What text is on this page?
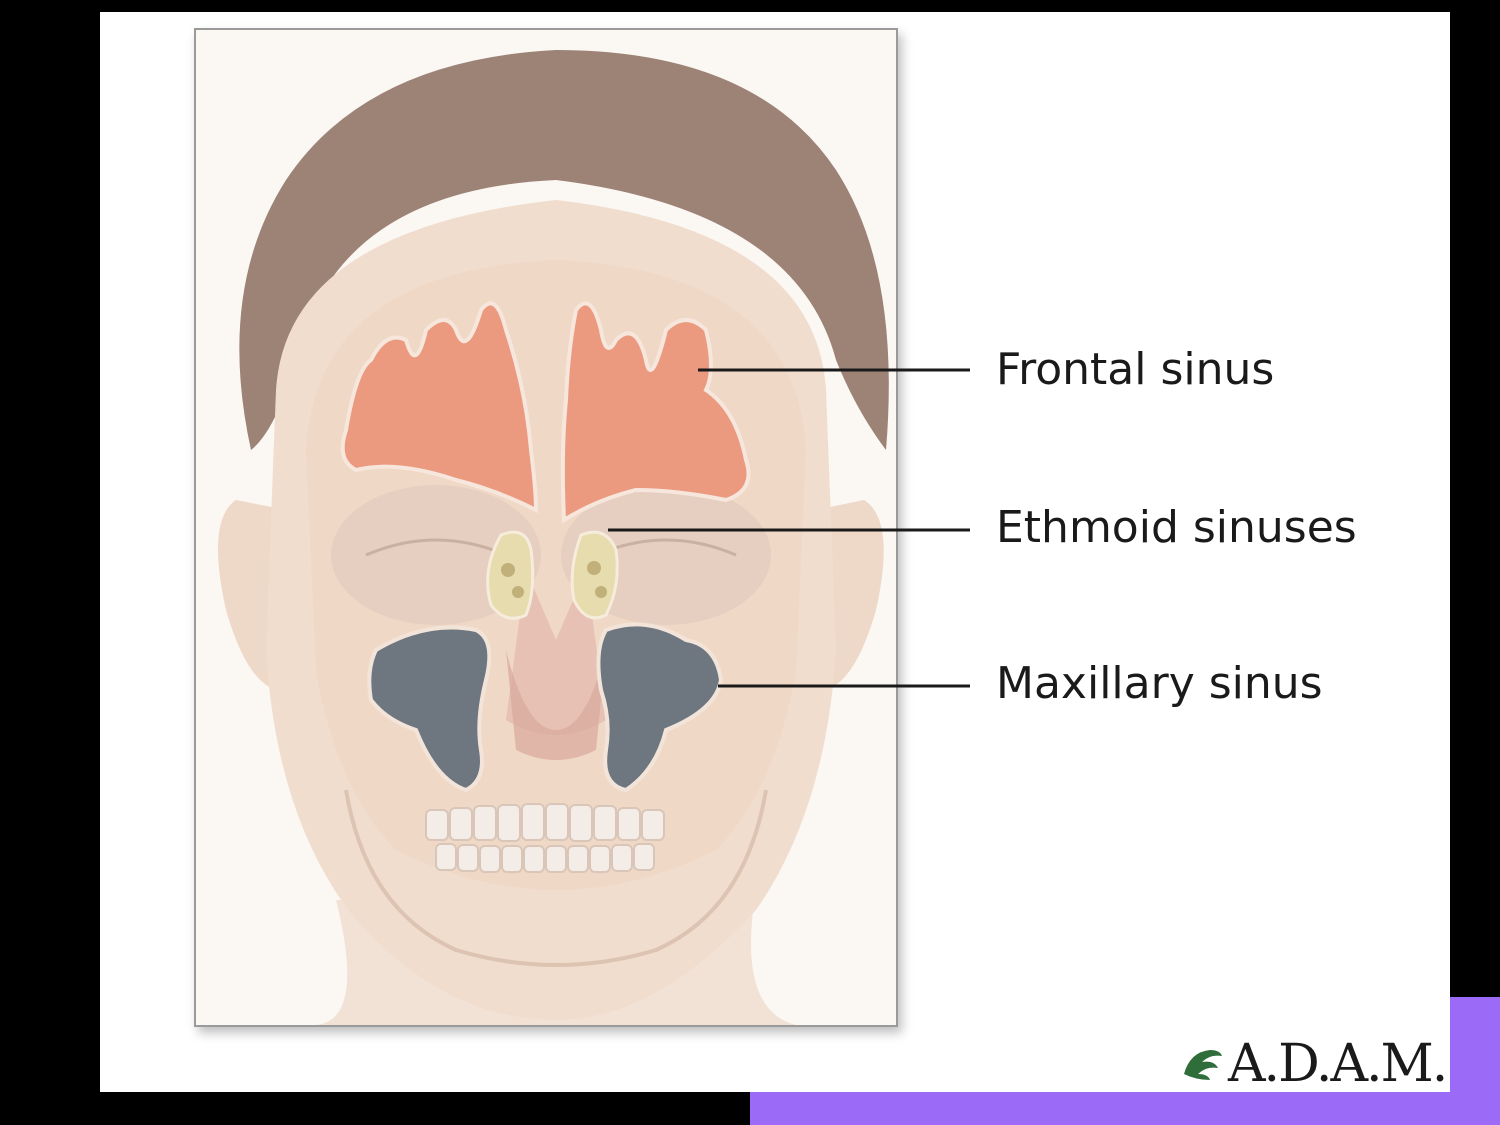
Frontal sinus
Ethmoid sinuses
Maxillary sinus
A.D.A.M.
